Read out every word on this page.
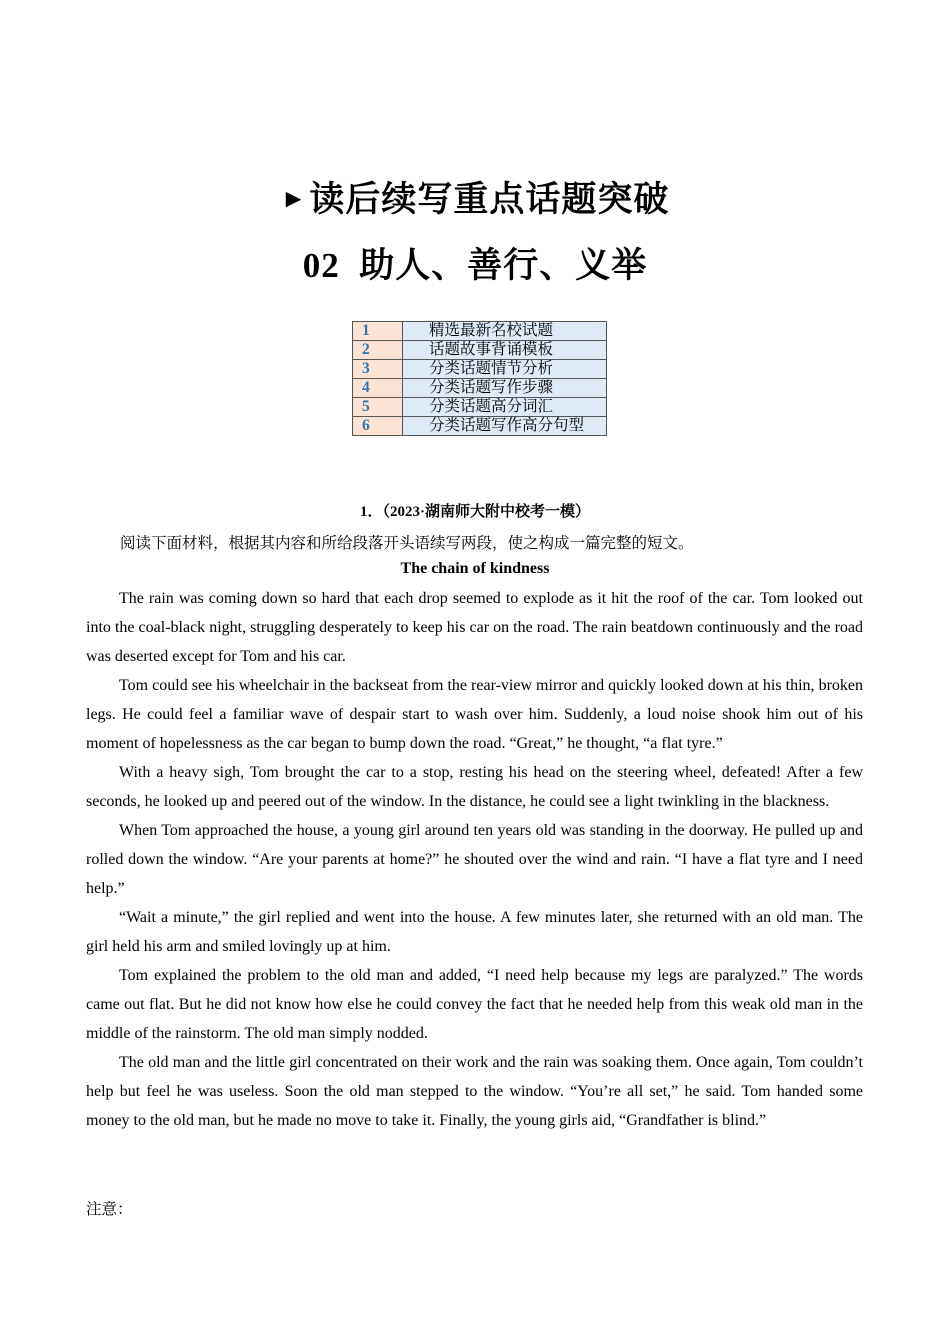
►读后续写重点话题突破
02  助人、善行、义举
1	精选最新名校试题
2	话题故事背诵模板
3	分类话题情节分析
4	分类话题写作步骤
5	分类话题高分词汇
6	分类话题写作高分句型
1．（2023·湖南师大附中校考一模）
阅读下面材料，根据其内容和所给段落开头语续写两段，使之构成一篇完整的短文。
The chain of kindness

The rain was coming down so hard that each drop seemed to explode as it hit the roof of the car. Tom looked out into the coal-black night, struggling desperately to keep his car on the road. The rain beatdown continuously and the road was deserted except for Tom and his car.

Tom could see his wheelchair in the backseat from the rear-view mirror and quickly looked down at his thin, broken legs. He could feel a familiar wave of despair start to wash over him. Suddenly, a loud noise shook him out of his moment of hopelessness as the car began to bump down the road. “Great,” he thought, “a flat tyre.”

With a heavy sigh, Tom brought the car to a stop, resting his head on the steering wheel, defeated! After a few seconds, he looked up and peered out of the window. In the distance, he could see a light twinkling in the blackness.

When Tom approached the house, a young girl around ten years old was standing in the doorway. He pulled up and rolled down the window. “Are your parents at home?” he shouted over the wind and rain. “I have a flat tyre and I need help.”

“Wait a minute,” the girl replied and went into the house. A few minutes later, she returned with an old man. The girl held his arm and smiled lovingly up at him.

Tom explained the problem to the old man and added, “I need help because my legs are paralyzed.” The words came out flat. But he did not know how else he could convey the fact that he needed help from this weak old man in the middle of the rainstorm. The old man simply nodded.

The old man and the little girl concentrated on their work and the rain was soaking them. Once again, Tom couldn’t help but feel he was useless. Soon the old man stepped to the window. “You’re all set,” he said. Tom handed some money to the old man, but he made no move to take it. Finally, the young girls aid, “Grandfather is blind.”

注意：
